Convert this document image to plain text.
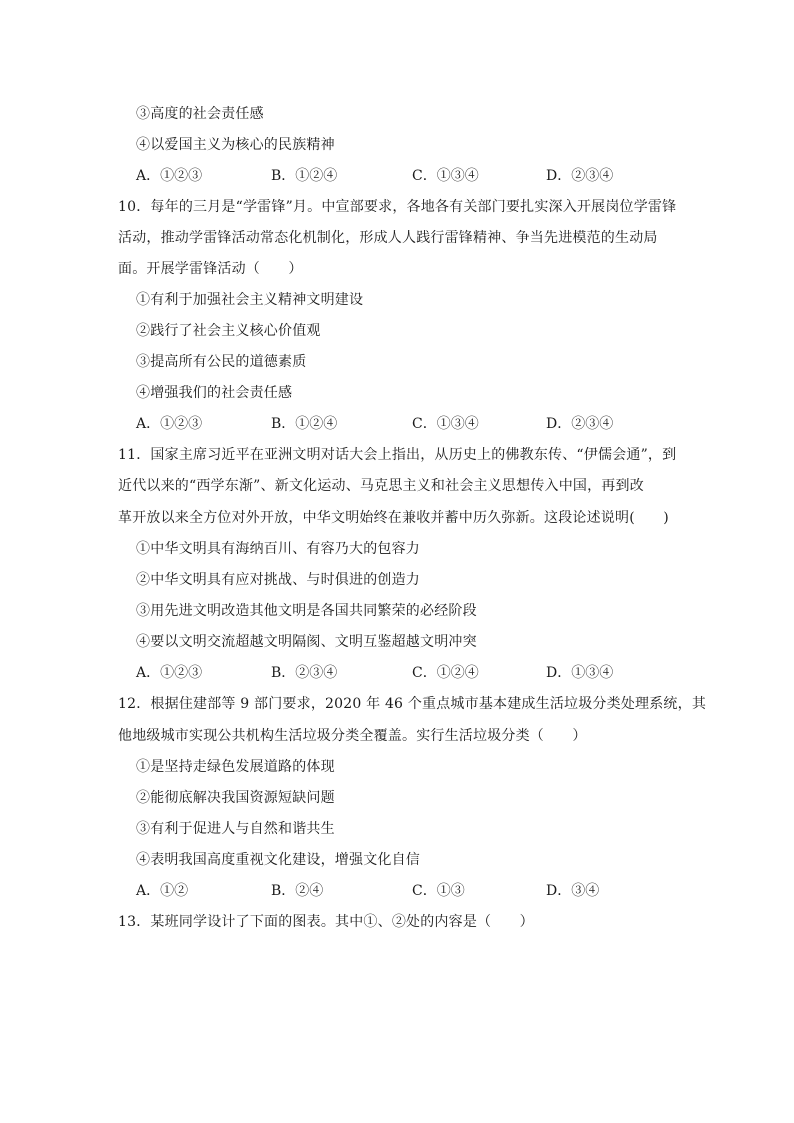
③高度的社会责任感
④以爱国主义为核心的民族精神
A．①②③	B．①②④	C．①③④	D．②③④
10．每年的三月是“学雷锋”月。中宣部要求，各地各有关部门要扎实深入开展岗位学雷锋
活动，推动学雷锋活动常态化机制化，形成人人践行雷锋精神、争当先进模范的生动局
面。开展学雷锋活动（　　）
①有利于加强社会主义精神文明建设
②践行了社会主义核心价值观
③提高所有公民的道德素质
④增强我们的社会责任感
A．①②③	B．①②④	C．①③④	D．②③④
11．国家主席习近平在亚洲文明对话大会上指出，从历史上的佛教东传、“伊儒会通”，到
近代以来的“西学东渐”、新文化运动、马克思主义和社会主义思想传入中国，再到改
革开放以来全方位对外开放，中华文明始终在兼收并蓄中历久弥新。这段论述说明(　　)
①中华文明具有海纳百川、有容乃大的包容力
②中华文明具有应对挑战、与时俱进的创造力
③用先进文明改造其他文明是各国共同繁荣的必经阶段
④要以文明交流超越文明隔阂、文明互鉴超越文明冲突
A．①②③	B．②③④	C．①②④	D．①③④
12．根据住建部等 9 部门要求，2020 年 46 个重点城市基本建成生活垃圾分类处理系统，其
他地级城市实现公共机构生活垃圾分类全覆盖。实行生活垃圾分类（　　）
①是坚持走绿色发展道路的体现
②能彻底解决我国资源短缺问题
③有利于促进人与自然和谐共生
④表明我国高度重视文化建设，增强文化自信
A．①②	B．②④	C．①③	D．③④
13．某班同学设计了下面的图表。其中①、②处的内容是（　　）
